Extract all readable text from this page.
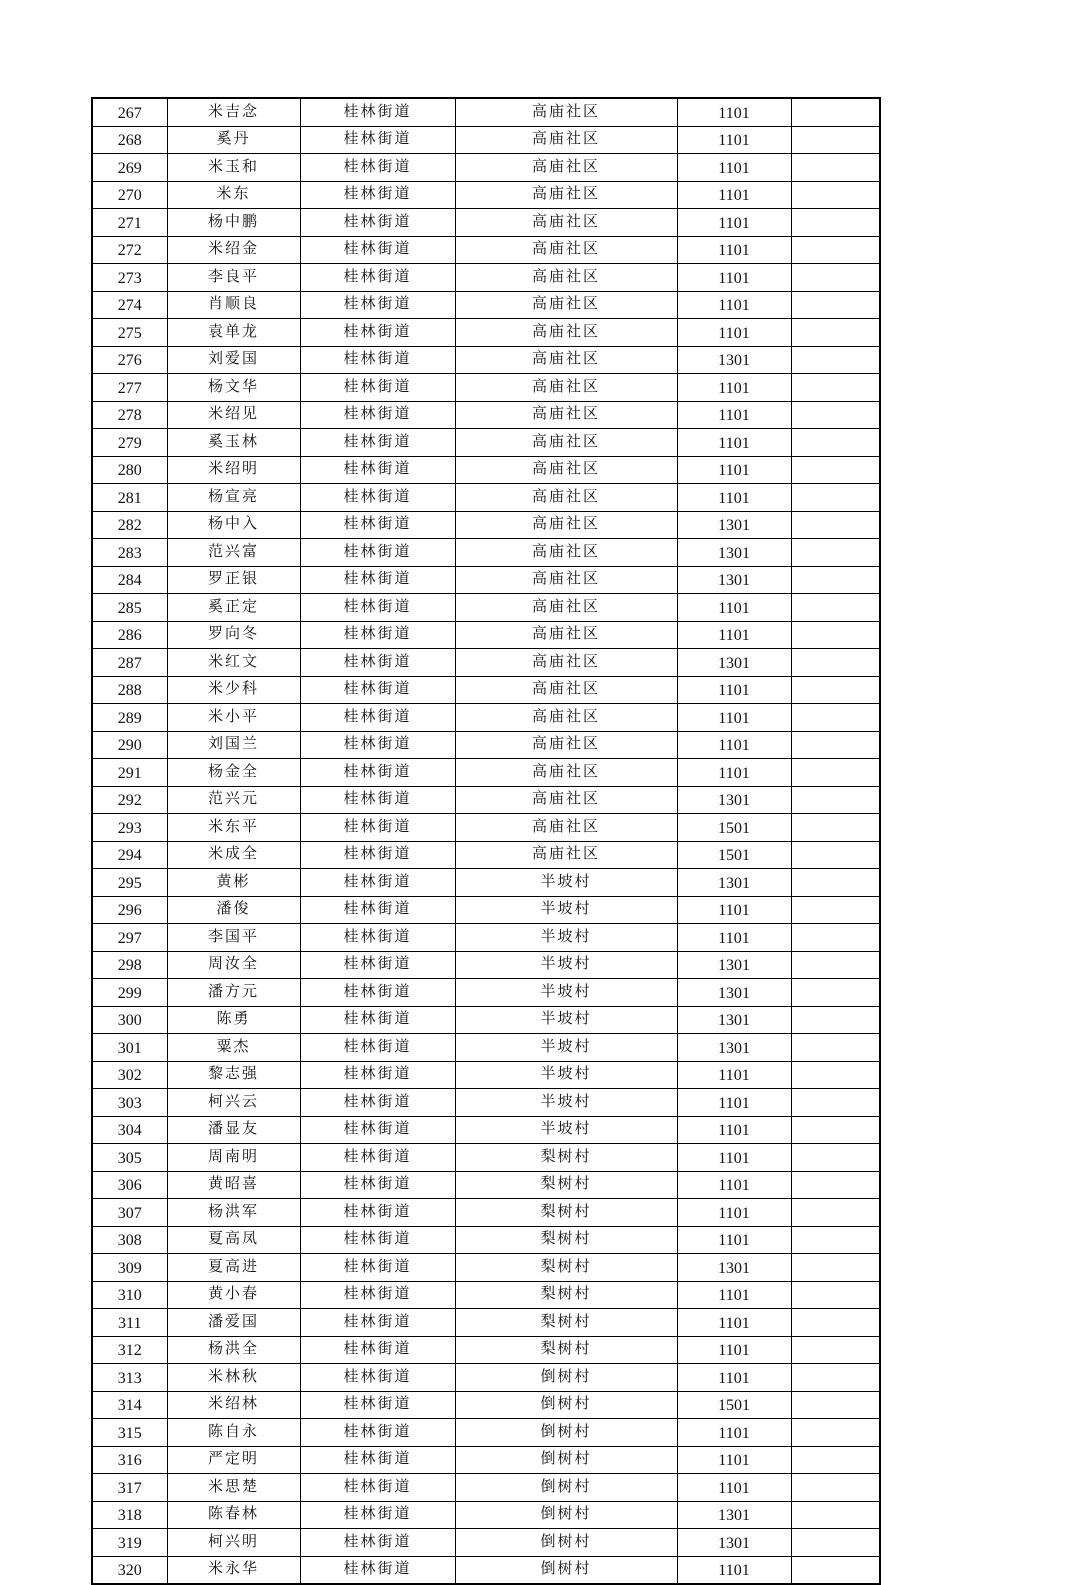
267	米吉念	桂林街道	高庙社区	1101	
268	奚丹	桂林街道	高庙社区	1101	
269	米玉和	桂林街道	高庙社区	1101	
270	米东	桂林街道	高庙社区	1101	
271	杨中鹏	桂林街道	高庙社区	1101	
272	米绍金	桂林街道	高庙社区	1101	
273	李良平	桂林街道	高庙社区	1101	
274	肖顺良	桂林街道	高庙社区	1101	
275	袁单龙	桂林街道	高庙社区	1101	
276	刘爱国	桂林街道	高庙社区	1301	
277	杨文华	桂林街道	高庙社区	1101	
278	米绍见	桂林街道	高庙社区	1101	
279	奚玉林	桂林街道	高庙社区	1101	
280	米绍明	桂林街道	高庙社区	1101	
281	杨宣亮	桂林街道	高庙社区	1101	
282	杨中入	桂林街道	高庙社区	1301	
283	范兴富	桂林街道	高庙社区	1301	
284	罗正银	桂林街道	高庙社区	1301	
285	奚正定	桂林街道	高庙社区	1101	
286	罗向冬	桂林街道	高庙社区	1101	
287	米红文	桂林街道	高庙社区	1301	
288	米少科	桂林街道	高庙社区	1101	
289	米小平	桂林街道	高庙社区	1101	
290	刘国兰	桂林街道	高庙社区	1101	
291	杨金全	桂林街道	高庙社区	1101	
292	范兴元	桂林街道	高庙社区	1301	
293	米东平	桂林街道	高庙社区	1501	
294	米成全	桂林街道	高庙社区	1501	
295	黄彬	桂林街道	半坡村	1301	
296	潘俊	桂林街道	半坡村	1101	
297	李国平	桂林街道	半坡村	1101	
298	周汝全	桂林街道	半坡村	1301	
299	潘方元	桂林街道	半坡村	1301	
300	陈勇	桂林街道	半坡村	1301	
301	粟杰	桂林街道	半坡村	1301	
302	黎志强	桂林街道	半坡村	1101	
303	柯兴云	桂林街道	半坡村	1101	
304	潘显友	桂林街道	半坡村	1101	
305	周南明	桂林街道	梨树村	1101	
306	黄昭喜	桂林街道	梨树村	1101	
307	杨洪军	桂林街道	梨树村	1101	
308	夏高凤	桂林街道	梨树村	1101	
309	夏高进	桂林街道	梨树村	1301	
310	黄小春	桂林街道	梨树村	1101	
311	潘爱国	桂林街道	梨树村	1101	
312	杨洪全	桂林街道	梨树村	1101	
313	米林秋	桂林街道	倒树村	1101	
314	米绍林	桂林街道	倒树村	1501	
315	陈自永	桂林街道	倒树村	1101	
316	严定明	桂林街道	倒树村	1101	
317	米思楚	桂林街道	倒树村	1101	
318	陈春林	桂林街道	倒树村	1301	
319	柯兴明	桂林街道	倒树村	1301	
320	米永华	桂林街道	倒树村	1101	
